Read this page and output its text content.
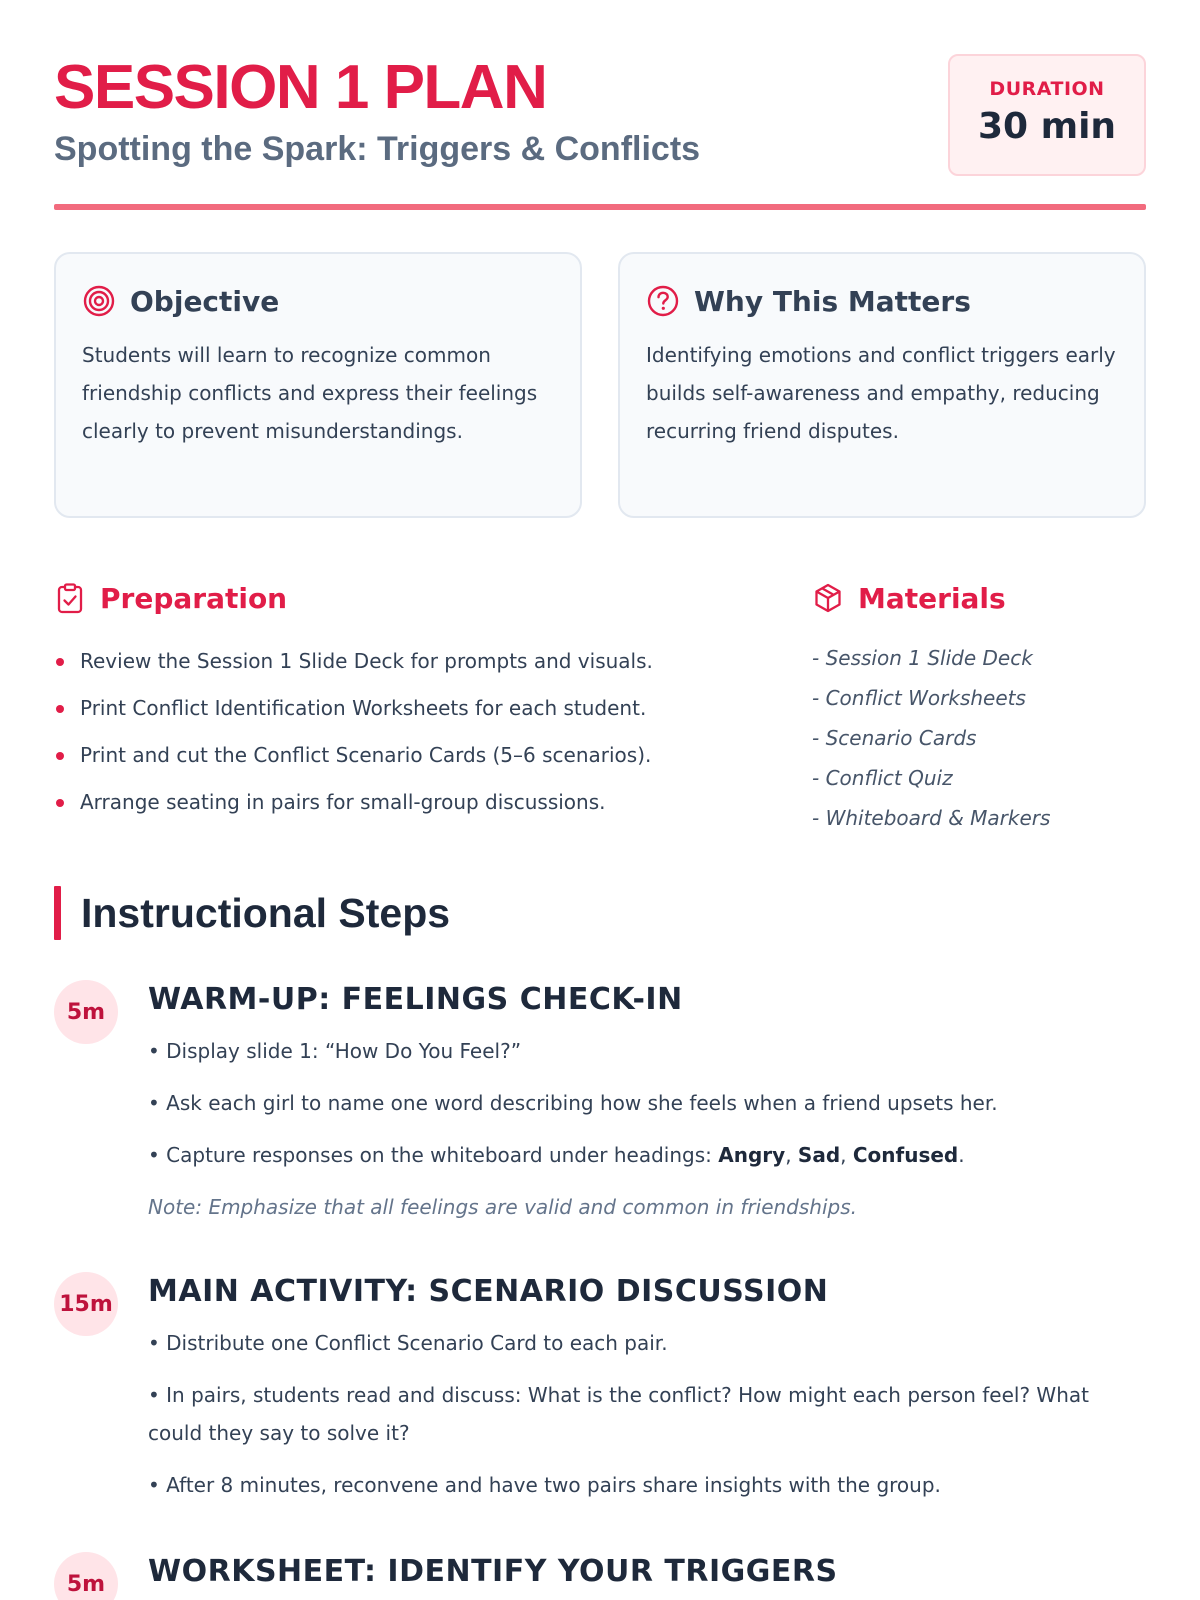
SESSION 1 PLAN
Spotting the Spark: Triggers & Conflicts
DURATION
30 min
Objective
Students will learn to recognize common friendship conflicts and express their feelings clearly to prevent misunderstandings.
Why This Matters
Identifying emotions and conflict triggers early builds self-awareness and empathy, reducing recurring friend disputes.
Preparation
Review the Session 1 Slide Deck for prompts and visuals.
Print Conflict Identification Worksheets for each student.
Print and cut the Conflict Scenario Cards (5–6 scenarios).
Arrange seating in pairs for small-group discussions.
Materials
- Session 1 Slide Deck
- Conflict Worksheets
- Scenario Cards
- Conflict Quiz
- Whiteboard & Markers
Instructional Steps
5m	WARM-UP: FEELINGS CHECK-IN
• Display slide 1: “How Do You Feel?”
• Ask each girl to name one word describing how she feels when a friend upsets her.
• Capture responses on the whiteboard under headings: Angry, Sad, Confused.
Note: Emphasize that all feelings are valid and common in friendships.
15m MAIN ACTIVITY: SCENARIO DISCUSSION
• Distribute one Conflict Scenario Card to each pair.
• In pairs, students read and discuss: What is the conflict? How might each person feel? What could they say to solve it?
• After 8 minutes, reconvene and have two pairs share insights with the group.
5m	WORKSHEET: IDENTIFY YOUR TRIGGERS
